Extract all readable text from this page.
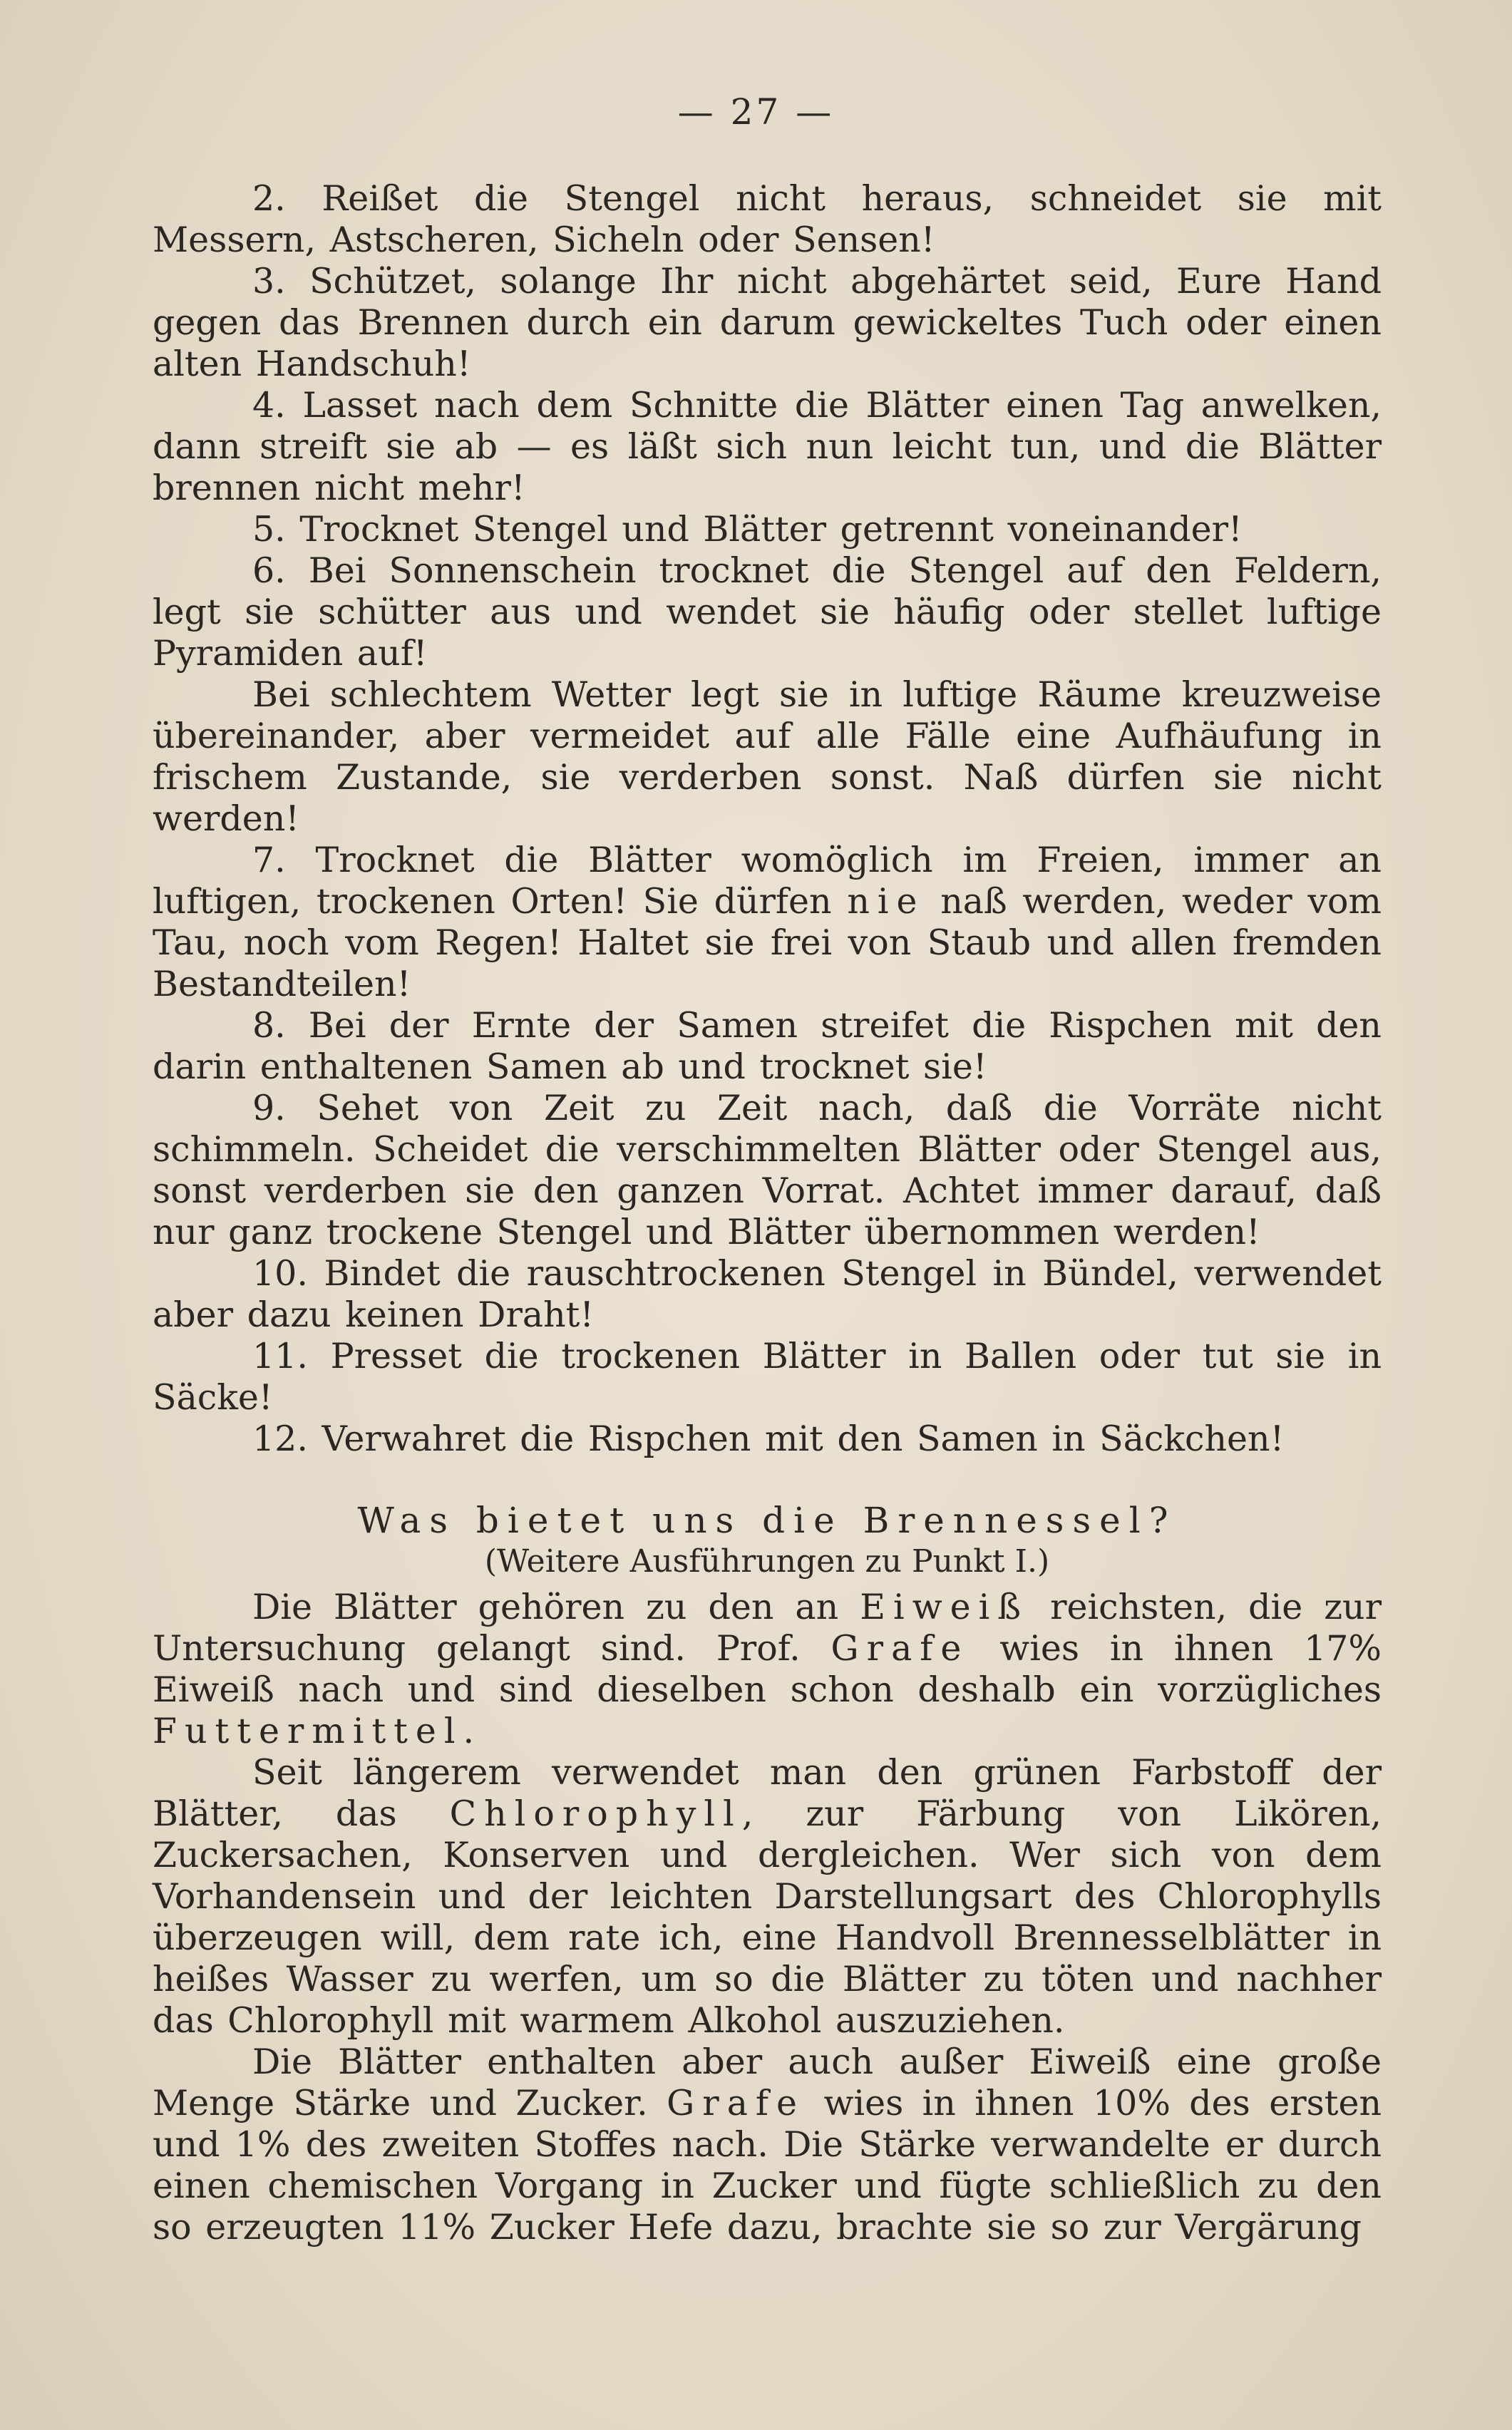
— 27 —

2. Reißet die Stengel nicht heraus, schneidet sie mit Messern, Astscheren, Sicheln oder Sensen!

3. Schützet, solange Ihr nicht abgehärtet seid, Eure Hand gegen das Brennen durch ein darum gewickeltes Tuch oder einen alten Handschuh!

4. Lasset nach dem Schnitte die Blätter einen Tag anwelken, dann streift sie ab — es läßt sich nun leicht tun, und die Blätter brennen nicht mehr!

5. Trocknet Stengel und Blätter getrennt voneinander!

6. Bei Sonnenschein trocknet die Stengel auf den Feldern, legt sie schütter aus und wendet sie häufig oder stellet luftige Pyramiden auf!

Bei schlechtem Wetter legt sie in luftige Räume kreuzweise übereinander, aber vermeidet auf alle Fälle eine Aufhäufung in frischem Zustande, sie verderben sonst. Naß dürfen sie nicht werden!

7. Trocknet die Blätter womöglich im Freien, immer an luftigen, trockenen Orten! Sie dürfen nie naß werden, weder vom Tau, noch vom Regen! Haltet sie frei von Staub und allen fremden Bestandteilen!

8. Bei der Ernte der Samen streifet die Rispchen mit den darin enthaltenen Samen ab und trocknet sie!

9. Sehet von Zeit zu Zeit nach, daß die Vorräte nicht schimmeln. Scheidet die verschimmelten Blätter oder Stengel aus, sonst verderben sie den ganzen Vorrat. Achtet immer darauf, daß nur ganz trockene Stengel und Blätter übernommen werden!

10. Bindet die rauschtrockenen Stengel in Bündel, verwendet aber dazu keinen Draht!

11. Presset die trockenen Blätter in Ballen oder tut sie in Säcke!

12. Verwahret die Rispchen mit den Samen in Säckchen!

Was bietet uns die Brennessel?
(Weitere Ausführungen zu Punkt I.)

Die Blätter gehören zu den an Eiweiß reichsten, die zur Untersuchung gelangt sind. Prof. Grafe wies in ihnen 17% Eiweiß nach und sind dieselben schon deshalb ein vorzügliches Futtermittel.

Seit längerem verwendet man den grünen Farbstoff der Blätter, das Chlorophyll, zur Färbung von Likören, Zuckersachen, Konserven und dergleichen. Wer sich von dem Vorhandensein und der leichten Darstellungsart des Chlorophylls überzeugen will, dem rate ich, eine Handvoll Brennesselblätter in heißes Wasser zu werfen, um so die Blätter zu töten und nachher das Chlorophyll mit warmem Alkohol auszuziehen.

Die Blätter enthalten aber auch außer Eiweiß eine große Menge Stärke und Zucker. Grafe wies in ihnen 10% des ersten und 1% des zweiten Stoffes nach. Die Stärke verwandelte er durch einen chemischen Vorgang in Zucker und fügte schließlich zu den so erzeugten 11% Zucker Hefe dazu, brachte sie so zur Vergärung
